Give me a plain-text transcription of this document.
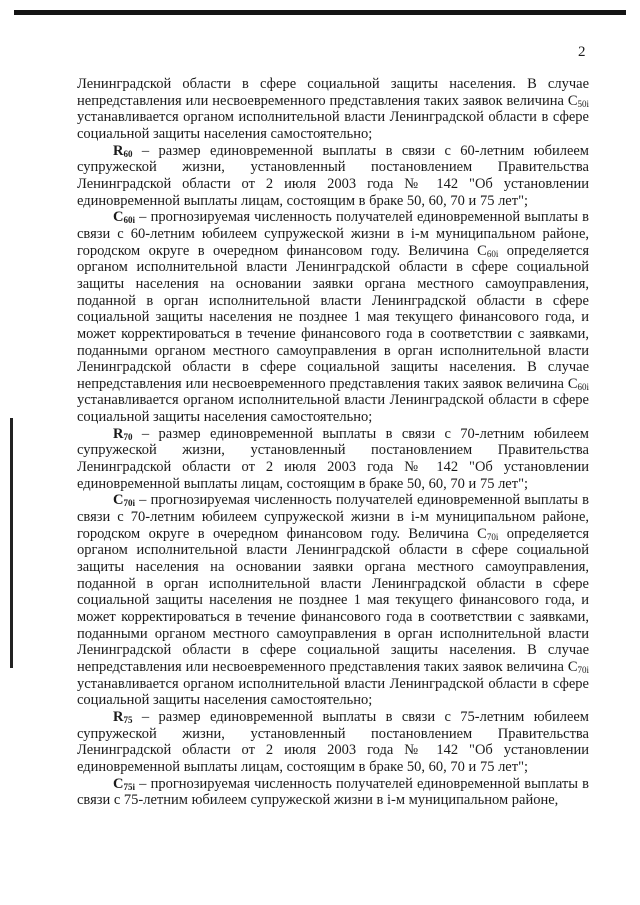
2

Ленинградской области в сфере социальной защиты населения. В случае непредставления или несвоевременного представления таких заявок величина $C_{50i}$ устанавливается органом исполнительной власти Ленинградской области в сфере социальной защиты населения самостоятельно;

$R_{60}$ – размер единовременной выплаты в связи с 60-летним юбилеем супружеской жизни, установленный постановлением Правительства Ленинградской области от 2 июля 2003 года № 142 "Об установлении единовременной выплаты лицам, состоящим в браке 50, 60, 70 и 75 лет";

$C_{60i}$ – прогнозируемая численность получателей единовременной выплаты в связи с 60-летним юбилеем супружеской жизни в i-м муниципальном районе, городском округе в очередном финансовом году. Величина $C_{60i}$ определяется органом исполнительной власти Ленинградской области в сфере социальной защиты населения на основании заявки органа местного самоуправления, поданной в орган исполнительной власти Ленинградской области в сфере социальной защиты населения не позднее 1 мая текущего финансового года, и может корректироваться в течение финансового года в соответствии с заявками, поданными органом местного самоуправления в орган исполнительной власти Ленинградской области в сфере социальной защиты населения. В случае непредставления или несвоевременного представления таких заявок величина $C_{60i}$ устанавливается органом исполнительной власти Ленинградской области в сфере социальной защиты населения самостоятельно;

$R_{70}$ – размер единовременной выплаты в связи с 70-летним юбилеем супружеской жизни, установленный постановлением Правительства Ленинградской области от 2 июля 2003 года № 142 "Об установлении единовременной выплаты лицам, состоящим в браке 50, 60, 70 и 75 лет";

$C_{70i}$ – прогнозируемая численность получателей единовременной выплаты в связи с 70-летним юбилеем супружеской жизни в i-м муниципальном районе, городском округе в очередном финансовом году. Величина $C_{70i}$ определяется органом исполнительной власти Ленинградской области в сфере социальной защиты населения на основании заявки органа местного самоуправления, поданной в орган исполнительной власти Ленинградской области в сфере социальной защиты населения не позднее 1 мая текущего финансового года, и может корректироваться в течение финансового года в соответствии с заявками, поданными органом местного самоуправления в орган исполнительной власти Ленинградской области в сфере социальной защиты населения. В случае непредставления или несвоевременного представления таких заявок величина $C_{70i}$ устанавливается органом исполнительной власти Ленинградской области в сфере социальной защиты населения самостоятельно;

$R_{75}$ – размер единовременной выплаты в связи с 75-летним юбилеем супружеской жизни, установленный постановлением Правительства Ленинградской области от 2 июля 2003 года № 142 "Об установлении единовременной выплаты лицам, состоящим в браке 50, 60, 70 и 75 лет";

$C_{75i}$ – прогнозируемая численность получателей единовременной выплаты в связи с 75-летним юбилеем супружеской жизни в i-м муниципальном районе,
